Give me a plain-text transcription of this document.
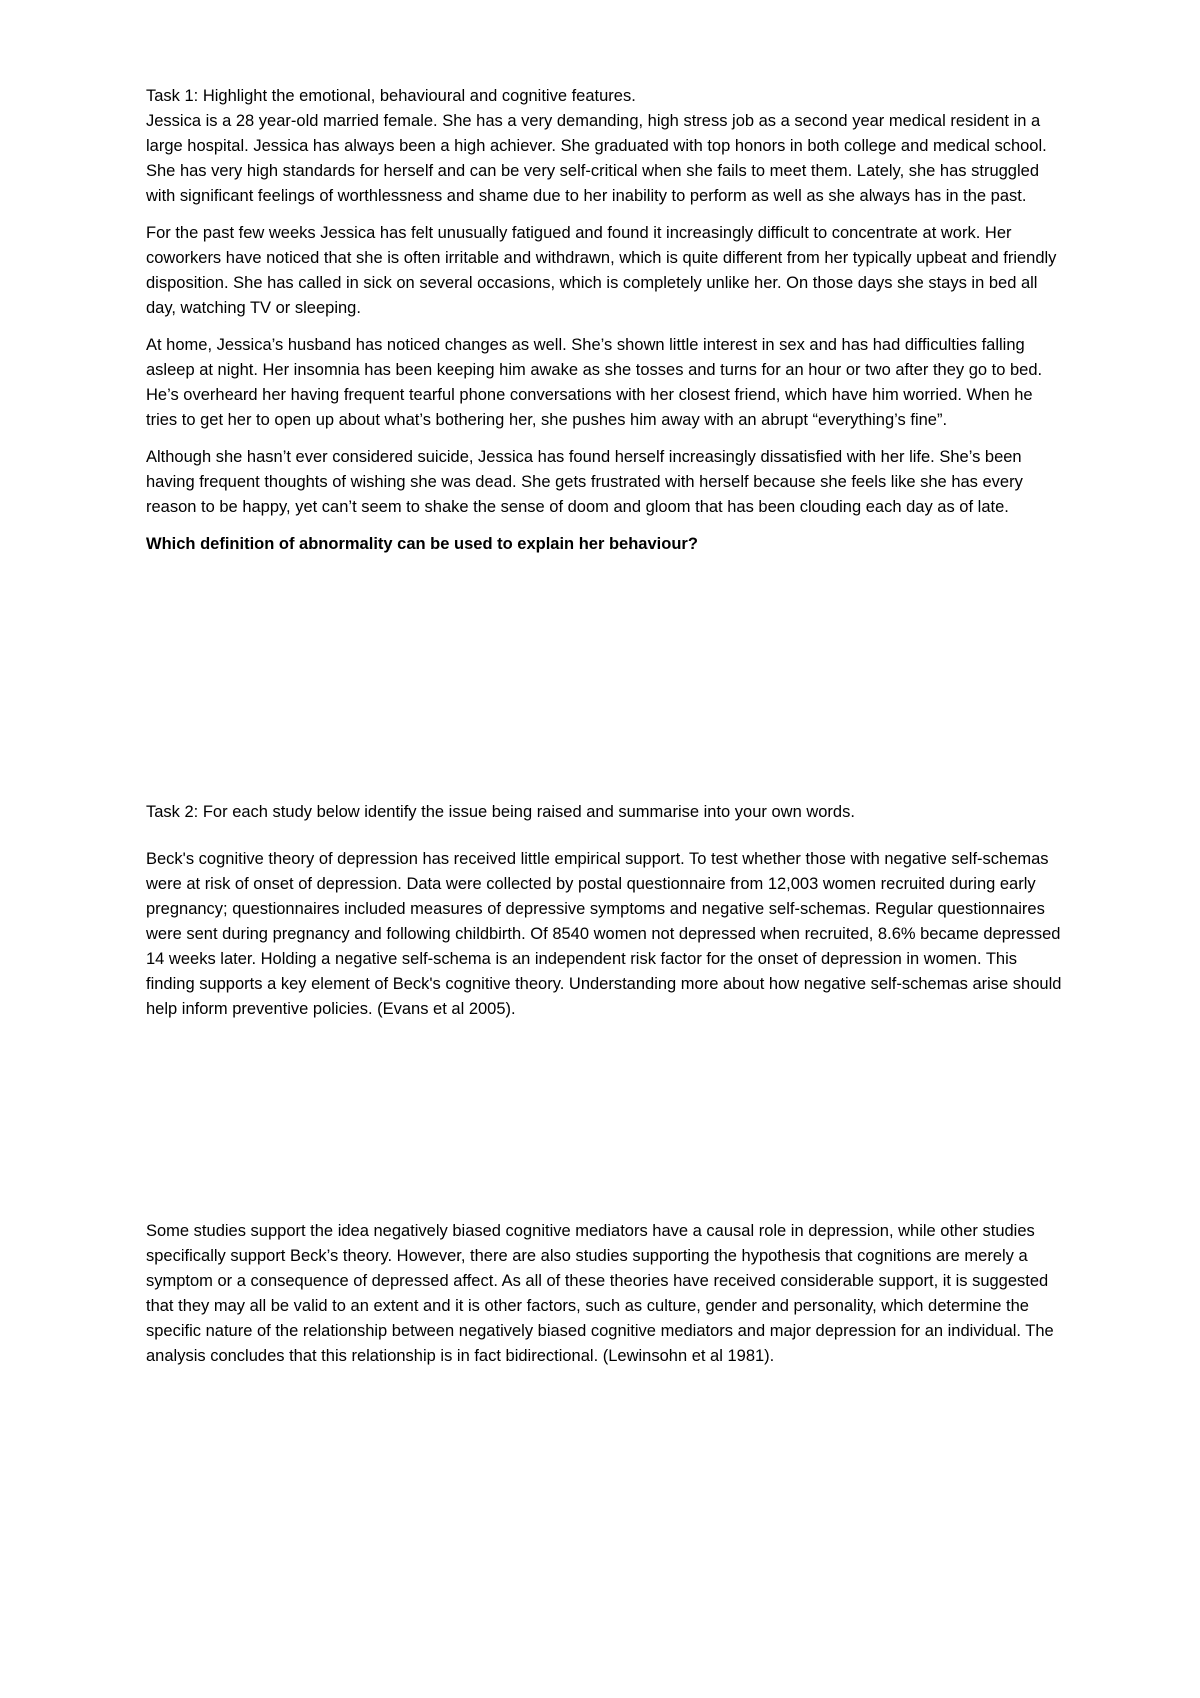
Task 1: Highlight the emotional, behavioural and cognitive features.

Jessica is a 28 year-old married female. She has a very demanding, high stress job as a second year medical resident in a large hospital. Jessica has always been a high achiever. She graduated with top honors in both college and medical school. She has very high standards for herself and can be very self-critical when she fails to meet them. Lately, she has struggled with significant feelings of worthlessness and shame due to her inability to perform as well as she always has in the past.

For the past few weeks Jessica has felt unusually fatigued and found it increasingly difficult to concentrate at work. Her coworkers have noticed that she is often irritable and withdrawn, which is quite different from her typically upbeat and friendly disposition. She has called in sick on several occasions, which is completely unlike her. On those days she stays in bed all day, watching TV or sleeping.

At home, Jessica’s husband has noticed changes as well. She’s shown little interest in sex and has had difficulties falling asleep at night. Her insomnia has been keeping him awake as she tosses and turns for an hour or two after they go to bed. He’s overheard her having frequent tearful phone conversations with her closest friend, which have him worried. When he tries to get her to open up about what’s bothering her, she pushes him away with an abrupt “everything’s fine”.

Although she hasn’t ever considered suicide, Jessica has found herself increasingly dissatisfied with her life. She’s been having frequent thoughts of wishing she was dead. She gets frustrated with herself because she feels like she has every reason to be happy, yet can’t seem to shake the sense of doom and gloom that has been clouding each day as of late.

Which definition of abnormality can be used to explain her behaviour?

Task 2: For each study below identify the issue being raised and summarise into your own words.

Beck's cognitive theory of depression has received little empirical support. To test whether those with negative self-schemas were at risk of onset of depression. Data were collected by postal questionnaire from 12,003 women recruited during early pregnancy; questionnaires included measures of depressive symptoms and negative self-schemas. Regular questionnaires were sent during pregnancy and following childbirth. Of 8540 women not depressed when recruited, 8.6% became depressed 14 weeks later. Holding a negative self-schema is an independent risk factor for the onset of depression in women. This finding supports a key element of Beck's cognitive theory. Understanding more about how negative self-schemas arise should help inform preventive policies. (Evans et al 2005).

Some studies support the idea negatively biased cognitive mediators have a causal role in depression, while other studies specifically support Beck’s theory. However, there are also studies supporting the hypothesis that cognitions are merely a symptom or a consequence of depressed affect. As all of these theories have received considerable support, it is suggested that they may all be valid to an extent and it is other factors, such as culture, gender and personality, which determine the specific nature of the relationship between negatively biased cognitive mediators and major depression for an individual. The analysis concludes that this relationship is in fact bidirectional. (Lewinsohn et al 1981).
